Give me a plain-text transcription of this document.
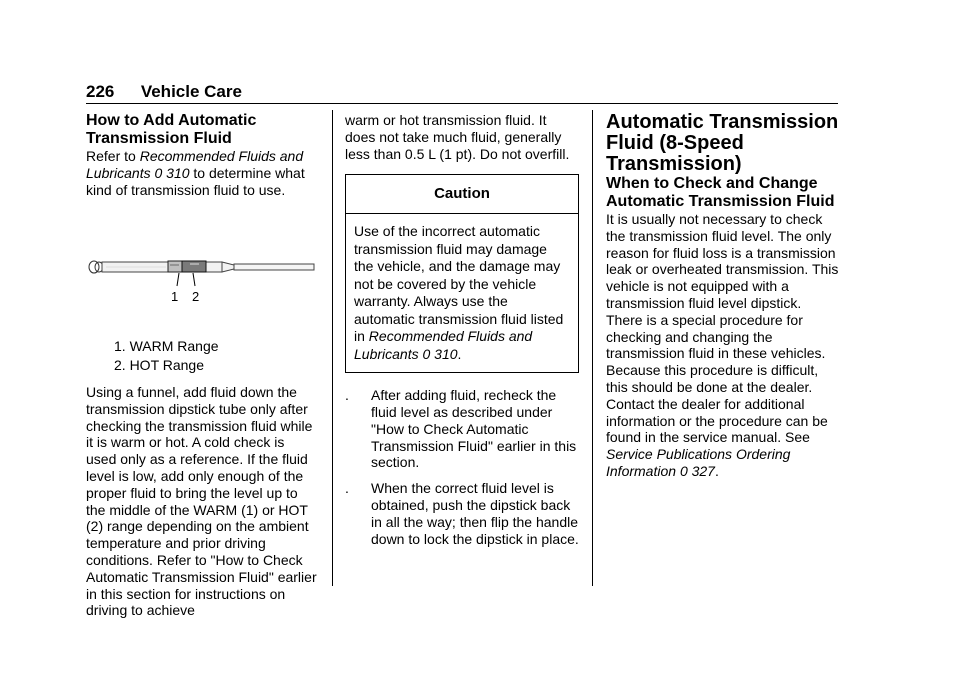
226 Vehicle Care

How to Add Automatic Transmission Fluid

Refer to Recommended Fluids and Lubricants 0 310 to determine what kind of transmission fluid to use.

1 2
1. WARM Range
2. HOT Range

Using a funnel, add fluid down the transmission dipstick tube only after checking the transmission fluid while it is warm or hot. A cold check is used only as a reference. If the fluid level is low, add only enough of the proper fluid to bring the level up to the middle of the WARM (1) or HOT (2) range depending on the ambient temperature and prior driving conditions. Refer to "How to Check Automatic Transmission Fluid" earlier in this section for instructions on driving to achieve

warm or hot transmission fluid. It does not take much fluid, generally less than 0.5 L (1 pt). Do not overfill.

Caution
Use of the incorrect automatic transmission fluid may damage the vehicle, and the damage may not be covered by the vehicle warranty. Always use the automatic transmission fluid listed in Recommended Fluids and Lubricants 0 310.
. After adding fluid, recheck the fluid level as described under "How to Check Automatic Transmission Fluid" earlier in this section.
. When the correct fluid level is obtained, push the dipstick back in all the way; then flip the handle down to lock the dipstick in place.

Automatic Transmission Fluid (8-Speed Transmission)

When to Check and Change Automatic Transmission Fluid

It is usually not necessary to check the transmission fluid level. The only reason for fluid loss is a transmission leak or overheated transmission. This vehicle is not equipped with a transmission fluid level dipstick. There is a special procedure for checking and changing the transmission fluid in these vehicles. Because this procedure is difficult, this should be done at the dealer. Contact the dealer for additional information or the procedure can be found in the service manual. See Service Publications Ordering Information 0 327.
